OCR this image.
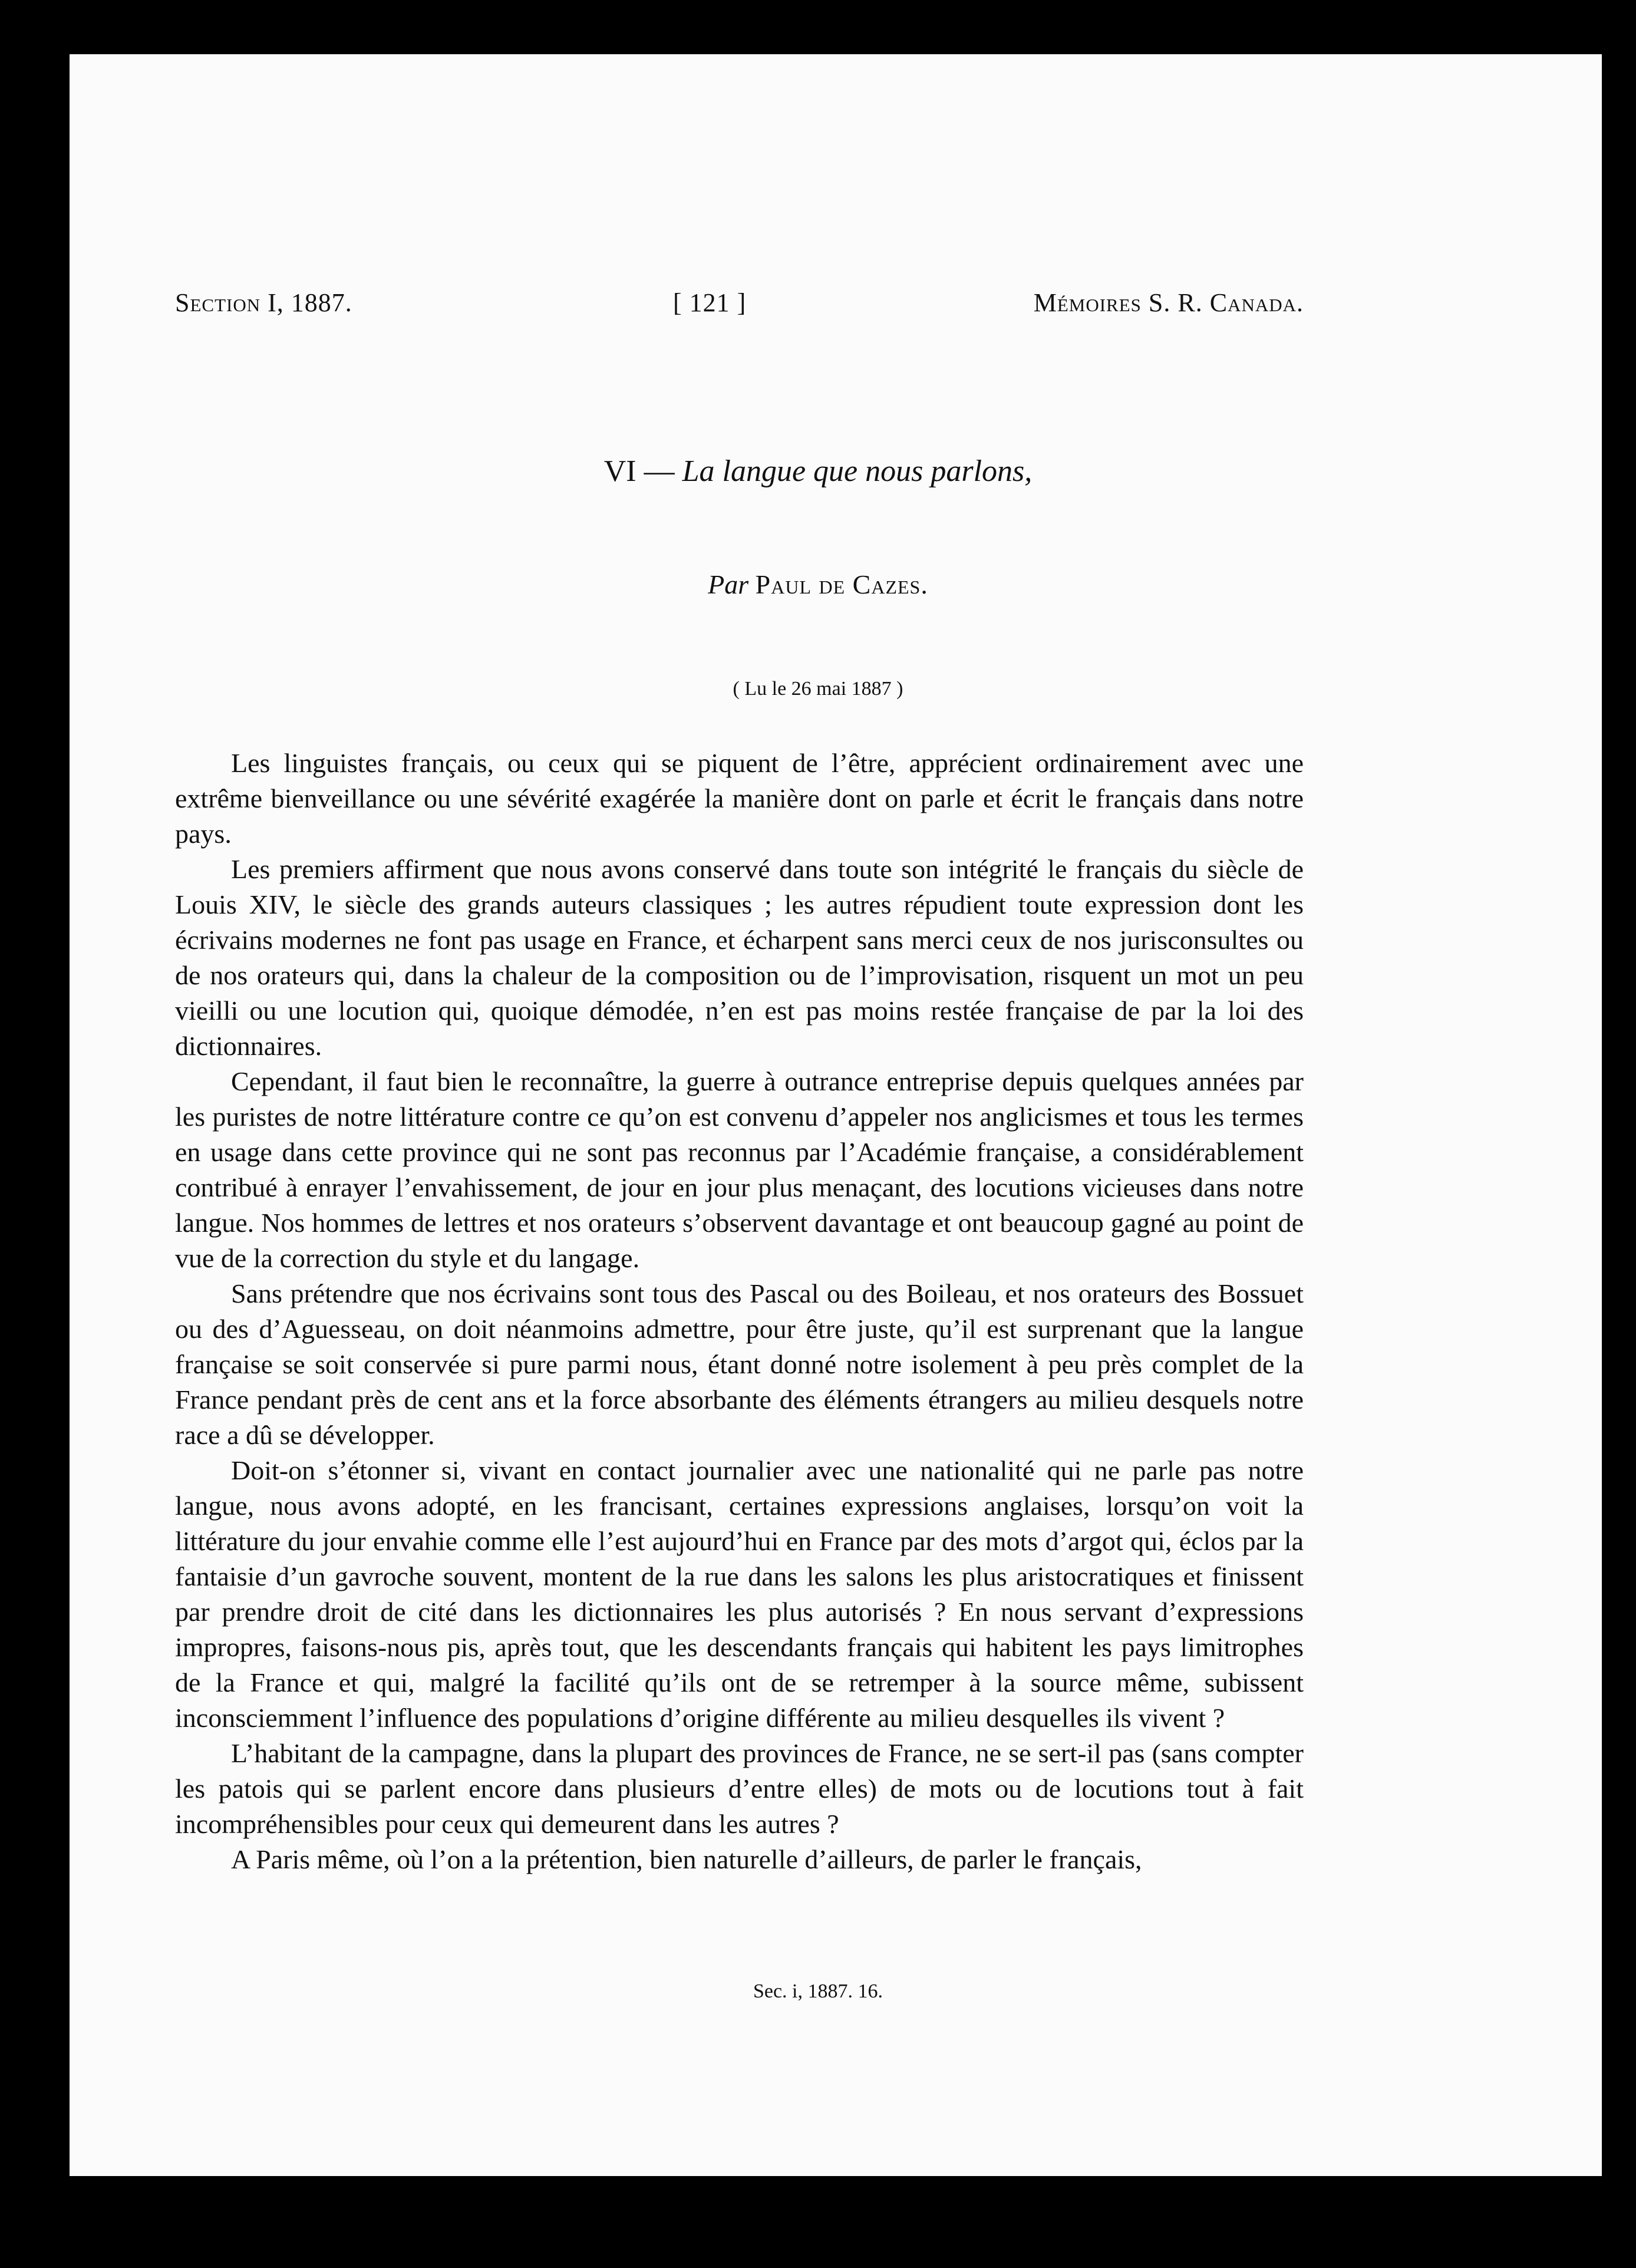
Section I, 1887.	[ 121 ]	Mémoires S. R. Canada.
VI — La langue que nous parlons,
Par Paul de Cazes.
( Lu le 26 mai 1887 )

Les linguistes français, ou ceux qui se piquent de l’être, apprécient ordinairement avec une extrême bienveillance ou une sévérité exagérée la manière dont on parle et écrit le français dans notre pays.

Les premiers affirment que nous avons conservé dans toute son intégrité le français du siècle de Louis XIV, le siècle des grands auteurs classiques ; les autres répudient toute expression dont les écrivains modernes ne font pas usage en France, et écharpent sans merci ceux de nos jurisconsultes ou de nos orateurs qui, dans la chaleur de la composition ou de l’improvisation, risquent un mot un peu vieilli ou une locution qui, quoique démodée, n’en est pas moins restée française de par la loi des dictionnaires.

Cependant, il faut bien le reconnaître, la guerre à outrance entreprise depuis quelques années par les puristes de notre littérature contre ce qu’on est convenu d’appeler nos anglicismes et tous les termes en usage dans cette province qui ne sont pas reconnus par l’Académie française, a considérablement contribué à enrayer l’envahissement, de jour en jour plus menaçant, des locutions vicieuses dans notre langue. Nos hommes de lettres et nos orateurs s’observent davantage et ont beaucoup gagné au point de vue de la correction du style et du langage.

Sans prétendre que nos écrivains sont tous des Pascal ou des Boileau, et nos orateurs des Bossuet ou des d’Aguesseau, on doit néanmoins admettre, pour être juste, qu’il est surprenant que la langue française se soit conservée si pure parmi nous, étant donné notre isolement à peu près complet de la France pendant près de cent ans et la force absorbante des éléments étrangers au milieu desquels notre race a dû se développer.

Doit-on s’étonner si, vivant en contact journalier avec une nationalité qui ne parle pas notre langue, nous avons adopté, en les francisant, certaines expressions anglaises, lorsqu’on voit la littérature du jour envahie comme elle l’est aujourd’hui en France par des mots d’argot qui, éclos par la fantaisie d’un gavroche souvent, montent de la rue dans les salons les plus aristocratiques et finissent par prendre droit de cité dans les dictionnaires les plus autorisés ? En nous servant d’expressions impropres, faisons-nous pis, après tout, que les descendants français qui habitent les pays limitrophes de la France et qui, malgré la facilité qu’ils ont de se retremper à la source même, subissent inconsciemment l’influence des populations d’origine différente au milieu desquelles ils vivent ?

L’habitant de la campagne, dans la plupart des provinces de France, ne se sert-il pas (sans compter les patois qui se parlent encore dans plusieurs d’entre elles) de mots ou de locutions tout à fait incompréhensibles pour ceux qui demeurent dans les autres ?

A Paris même, où l’on a la prétention, bien naturelle d’ailleurs, de parler le français,

Sec. i, 1887. 16.
